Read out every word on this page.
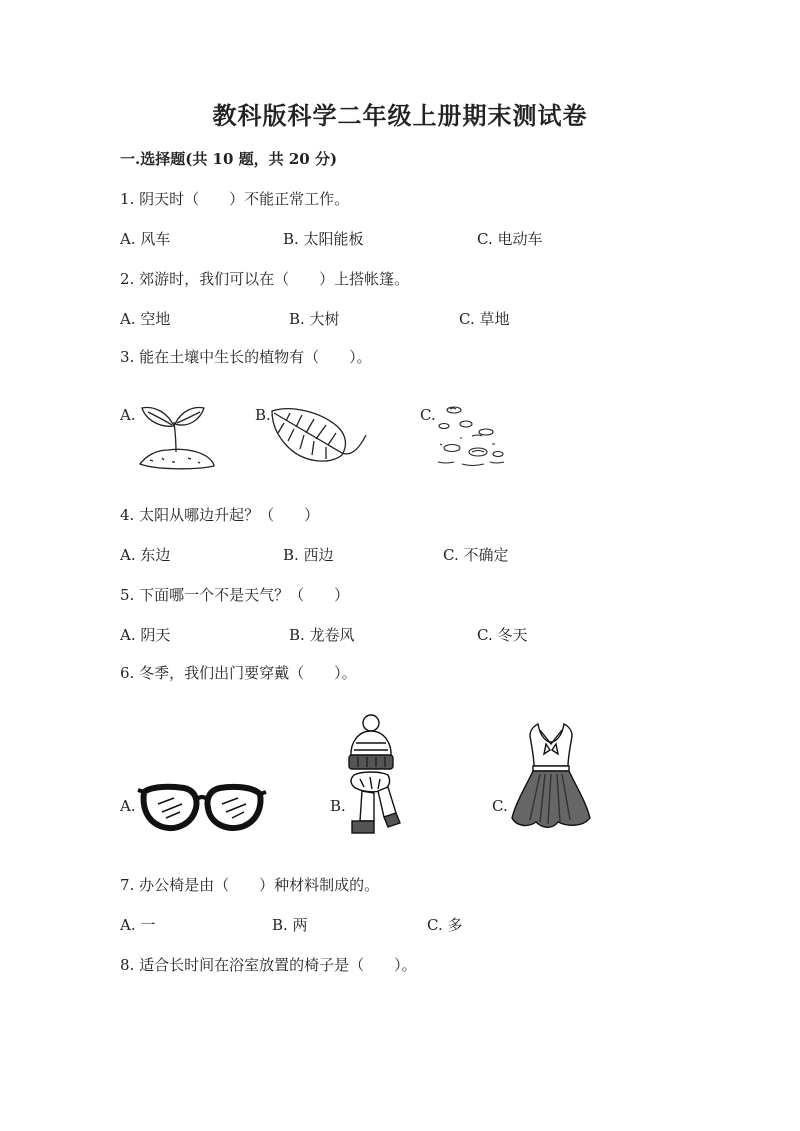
教科版科学二年级上册期末测试卷
一.选择题(共 10 题，共 20 分)
1. 阴天时（　　）不能正常工作。
A. 风车	B. 太阳能板	C. 电动车
2. 郊游时，我们可以在（　　）上搭帐篷。
A. 空地	B. 大树	C. 草地
3. 能在土壤中生长的植物有（　　）。
A.	B.	C.
4. 太阳从哪边升起？（　　）
A. 东边	B. 西边	C. 不确定
5. 下面哪一个不是天气？（　　）
A. 阴天	B. 龙卷风	C. 冬天
6. 冬季，我们出门要穿戴（　　）。
A.	B.	C.
7. 办公椅是由（　　）种材料制成的。
A. 一	B. 两	C. 多
8. 适合长时间在浴室放置的椅子是（　　）。
